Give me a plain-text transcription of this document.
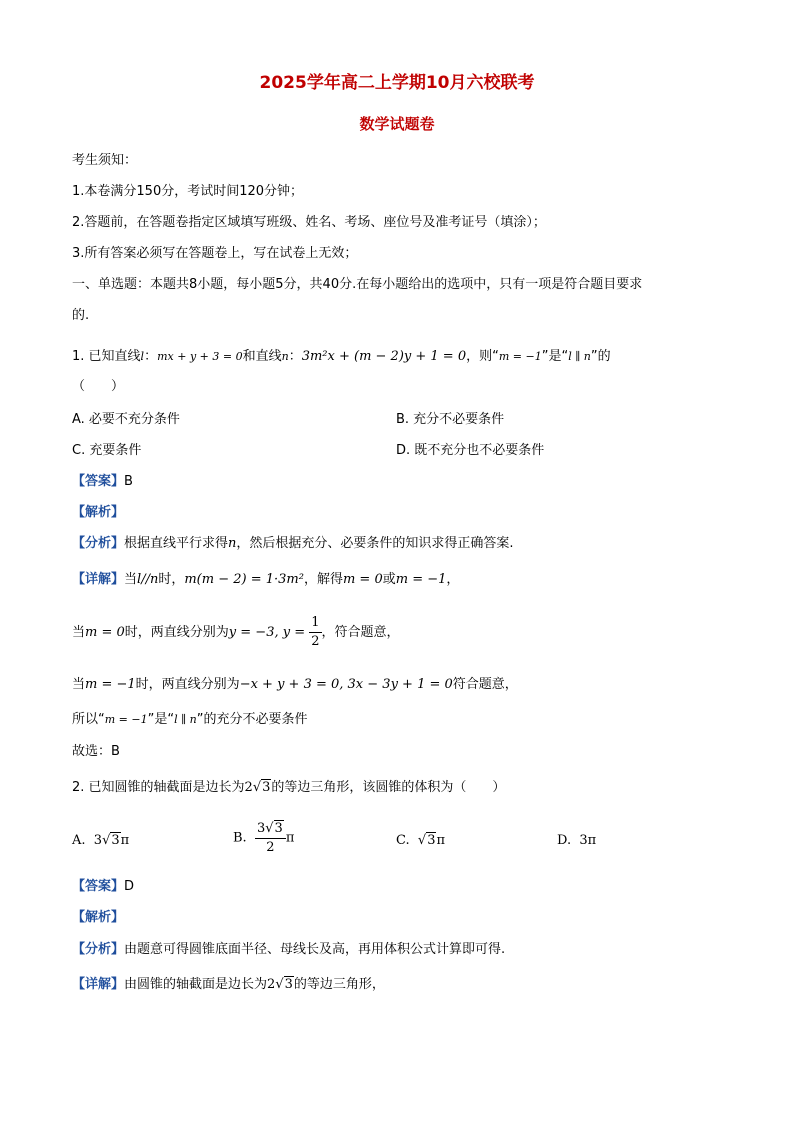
2025学年高二上学期10月六校联考
数学试题卷
考生须知：
1.本卷满分150分，考试时间120分钟；
2.答题前，在答题卷指定区域填写班级、姓名、考场、座位号及准考证号（填涂）；
3.所有答案必须写在答题卷上，写在试卷上无效；
一、单选题：本题共8小题，每小题5分，共40分.在每小题给出的选项中，只有一项是符合题目要求
的.
1. 已知直线l：mx + y + 3 = 0和直线n：3m²x + (m − 2)y + 1 = 0，则“m = −1”是“l ∥ n”的
（　　）
A. 必要不充分条件	B. 充分不必要条件
C. 充要条件	D. 既不充分也不必要条件
【答案】B
【解析】
【分析】根据直线平行求得n，然后根据充分、必要条件的知识求得正确答案.
【详解】当l//n时，m(m − 2) = 1·3m²，解得m = 0或m = −1，
当m = 0时，两直线分别为y = −3, $y = \frac{1}{2}$ ，符合题意，
当m = −1时，两直线分别为−x + y + 3 = 0, 3x − 3y + 1 = 0符合题意，
所以“m = −1”是“l ∥ n”的充分不必要条件
故选：B
2. 已知圆锥的轴截面是边长为2√3的等边三角形，该圆锥的体积为（　　）
A. 3√3π	B. $\frac{3√3}{2}$ π	C. √3π	D. 3π
【答案】D
【解析】
【分析】由题意可得圆锥底面半径、母线长及高，再用体积公式计算即可得.
【详解】由圆锥的轴截面是边长为2√3的等边三角形，
